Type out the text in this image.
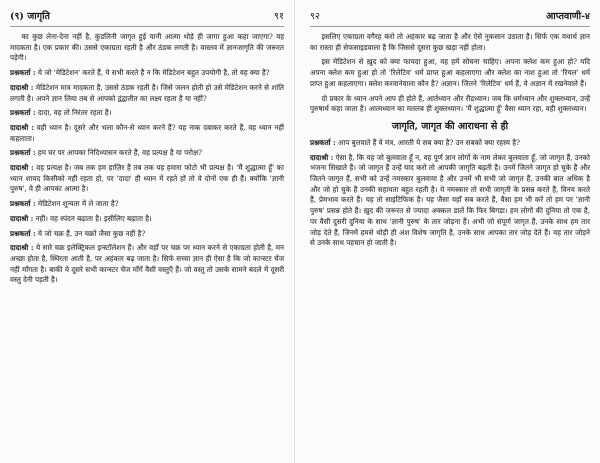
(९) जागृति	९१

का कुछ लेना-देना नहीं है, कुंडलिनी जागृत हुई यानी आत्मा थोड़े ही जागा हुआ कहा जाएगा? वह मादकता है। एक प्रकार की। उससे एकाग्रता रहती है और ठंडक लगती है। वास्तव में ज्ञानजागृति की जरूरत पड़ेगी।

प्रश्नकर्ता : ये जो 'मेडिटेशन' करते हैं, ये सभी करते हैं न कि मेडिटेशन बहुत उपयोगी है, तो वह क्या है?

दादाश्री : मेडिटेशन मात्र मादकता है, उससे ठंडक रहती है। जिसे जलन होती हो उसे मेडिटेशन करने से शांति लगती है। अपने ज्ञान लिया तब से आपको द्वंद्वातीत का लक्ष्य रहता है या नहीं?

प्रश्नकर्ता : दादा, वह तो निरंतर रहता है।

दादाश्री : वही ध्यान है। दूसरे और भला कौन-से ध्यान करने हैं? यह नाक दबाकर करते हैं, वह ध्यान नहीं कहलाता।

प्रश्नकर्ता : हम घर पर आपका निदिध्यासन करते हैं, वह प्रत्यक्ष है या परोक्ष?

दादाश्री : वह प्रत्यक्ष है। जब तक हम हाज़िर हैं तब तक यह हमारा फोटो भी प्रत्यक्ष है। 'मैं शुद्धात्मा हूँ' का ध्यान शायद किसीको नहीं रहता हो, पर 'दादा' ही ध्यान में रहते हों तो वे दोनों एक ही हैं। क्योंकि 'ज्ञानी पुरुष', वे ही आपका आत्मा है।

प्रश्नकर्ता : मेडिटेशन शून्यता में ले जाता है?

दादाश्री : नहीं। वह स्पंदन बढ़ाता है। इसीलिए बढ़ाता है।

प्रश्नकर्ता : ये जो चक्र हैं, उन चक्रों जैसा कुछ नहीं है?

दादाश्री : ये सारे चक्र इलेक्ट्रिकल इन्स्टॉलेशन हैं। और वहाँ पर चक्र पर ध्यान करने से एकाग्रता होती है, मन अच्छा होता है, स्थिरता आती है, पर अहंकार बढ़ जाता है। सिर्फ सच्चा ज्ञान ही ऐसा है कि जो कान्स्टर चेंज नहीं माँगता है। बाकी ये दूसरे सभी कान्स्टर चेंज माँगें वैसी वस्तुएँ हैं। जो वस्तु तो उसके सामने बदले में दूसरी वस्तु देनी पड़ती है।

९२	आप्तवाणी-४

इसलिए एकाग्रता वगैरह करो तो अहंकार बढ़ जाता है और ऐसे नुकसान उठाता है। सिर्फ एक यथार्थ ज्ञान का रास्ता ही सेफसाइडवाला है कि जिससे दूसरा कुछ खड़ा नहीं होता।

इस मेडिटेशन से ख़ुद को क्या फायदा हुआ, वह हमें सोचना चाहिए। अपना क्लेश कम हुआ हो? यदि अपना क्लेश कम हुआ हो तो 'रिलेटिव' धर्म प्राप्त हुआ कहलाएगा और क्लेश का नाश हुआ तो 'रियल' धर्म प्राप्त हुआ कहलाएगा। क्लेश करवानेवाला कौन है? अज्ञान। जितने 'रिलेटिव' धर्म हैं, वे अज्ञान में रखनेवाले हैं।

दो प्रकार के ध्यान अपने आप ही होते हैं, आर्तध्यान और रौद्रध्यान। जब कि धर्मध्यान और शुक्लध्यान, उन्हें पुरुषार्थ कहा जाता है। आत्मध्यान का मतलब ही शुक्लध्यान। 'मैं शुद्धात्मा हूँ' वैसा ध्यान रहा, वही शुक्लध्यान।

जागृति, जागृत की आराधना से ही

प्रश्नकर्ता : आप बुलवाते हैं वे मंत्र, आरती ये सब क्या है? उन सबको क्या रहस्य है?

दादाश्री : ऐसा है, कि यह जो बुलवाता हूँ न, वह पूर्ण ज्ञान लोगों के नाम लेकर बुलवाता हूँ, जो जागृत हैं, उनको भजना सिखाते हैं। जो जागृत हैं उन्हें याद करो तो आपकी जागृति बढ़ती है। उनमें जितने जागृत हो चुके हैं और जितने जागृत हैं, सभी को उन्हें नमस्कार बुलवाया है और उनमें भी सभी जो जागृत हैं, उनकी बात अधिक है और जो हो चुके हैं उनकी सहायता बहुत रहती है। ये नमस्कार तो सभी जागृती के प्रसन्न करते हैं, विनय करते हैं, प्रेमभाव करते हैं। यह तो साइंटिफिक है। यह जैसा यहाँ सब करते हैं, वैसा हम भी करें तो हम पर 'ज्ञानी पुरुष' प्रसन्न होते हैं। ख़ुद की जरूरत से ज्यादा अक्कल डालें कि फिर बिगड़ा। हम लोगों की दुनिया तो एक है, पर वैसी दुसरी दुनिया के साथ 'ज्ञानी पुरुष' के तार जोड़ना हैं। अभी जो संपूर्ण जागृत हैं, उनके साथ हम तार जोड़ देते हैं, जिनमें हमसे थोड़ी ही अंश विशेष जागृति है, उनके साथ आपका तार जोड़ देते हैं। वह तार जोड़ने से उनके साथ पहचान हो जाती है।
